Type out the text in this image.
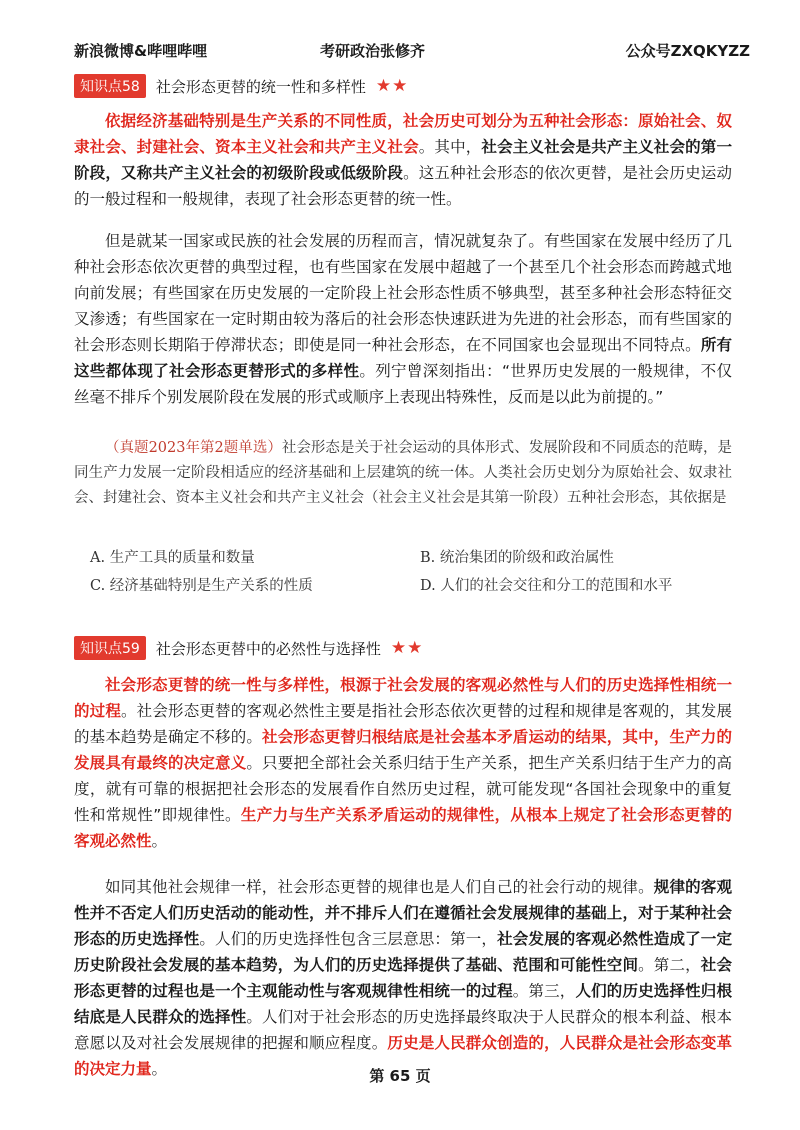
新浪微博&哔哩哔哩	考研政治张修齐	公众号ZXQKYZZ
知识点58	社会形态更替的统一性和多样性 ★★
依据经济基础特别是生产关系的不同性质，社会历史可划分为五种社会形态：原始社会、奴隶社会、封建社会、资本主义社会和共产主义社会。其中，社会主义社会是共产主义社会的第一阶段，又称共产主义社会的初级阶段或低级阶段。这五种社会形态的依次更替，是社会历史运动的一般过程和一般规律，表现了社会形态更替的统一性。
但是就某一国家或民族的社会发展的历程而言，情况就复杂了。有些国家在发展中经历了几种社会形态依次更替的典型过程，也有些国家在发展中超越了一个甚至几个社会形态而跨越式地向前发展；有些国家在历史发展的一定阶段上社会形态性质不够典型，甚至多种社会形态特征交叉渗透；有些国家在一定时期由较为落后的社会形态快速跃进为先进的社会形态，而有些国家的社会形态则长期陷于停滞状态；即使是同一种社会形态，在不同国家也会显现出不同特点。所有这些都体现了社会形态更替形式的多样性。列宁曾深刻指出：“世界历史发展的一般规律，不仅丝毫不排斥个别发展阶段在发展的形式或顺序上表现出特殊性，反而是以此为前提的。”
（真题2023年第2题单选）社会形态是关于社会运动的具体形式、发展阶段和不同质态的范畴，是同生产力发展一定阶段相适应的经济基础和上层建筑的统一体。人类社会历史划分为原始社会、奴隶社会、封建社会、资本主义社会和共产主义社会（社会主义社会是其第一阶段）五种社会形态，其依据是
A. 生产工具的质量和数量	B. 统治集团的阶级和政治属性
C. 经济基础特别是生产关系的性质	D. 人们的社会交往和分工的范围和水平
知识点59	社会形态更替中的必然性与选择性 ★★
社会形态更替的统一性与多样性，根源于社会发展的客观必然性与人们的历史选择性相统一的过程。社会形态更替的客观必然性主要是指社会形态依次更替的过程和规律是客观的，其发展的基本趋势是确定不移的。社会形态更替归根结底是社会基本矛盾运动的结果，其中，生产力的发展具有最终的决定意义。只要把全部社会关系归结于生产关系，把生产关系归结于生产力的高度，就有可靠的根据把社会形态的发展看作自然历史过程，就可能发现“各国社会现象中的重复性和常规性”即规律性。生产力与生产关系矛盾运动的规律性，从根本上规定了社会形态更替的客观必然性。
如同其他社会规律一样，社会形态更替的规律也是人们自己的社会行动的规律。规律的客观性并不否定人们历史活动的能动性，并不排斥人们在遵循社会发展规律的基础上，对于某种社会形态的历史选择性。人们的历史选择性包含三层意思：第一，社会发展的客观必然性造成了一定历史阶段社会发展的基本趋势，为人们的历史选择提供了基础、范围和可能性空间。第二，社会形态更替的过程也是一个主观能动性与客观规律性相统一的过程。第三，人们的历史选择性归根结底是人民群众的选择性。人们对于社会形态的历史选择最终取决于人民群众的根本利益、根本意愿以及对社会发展规律的把握和顺应程度。历史是人民群众创造的，人民群众是社会形态变革的决定力量。	第 65 页
